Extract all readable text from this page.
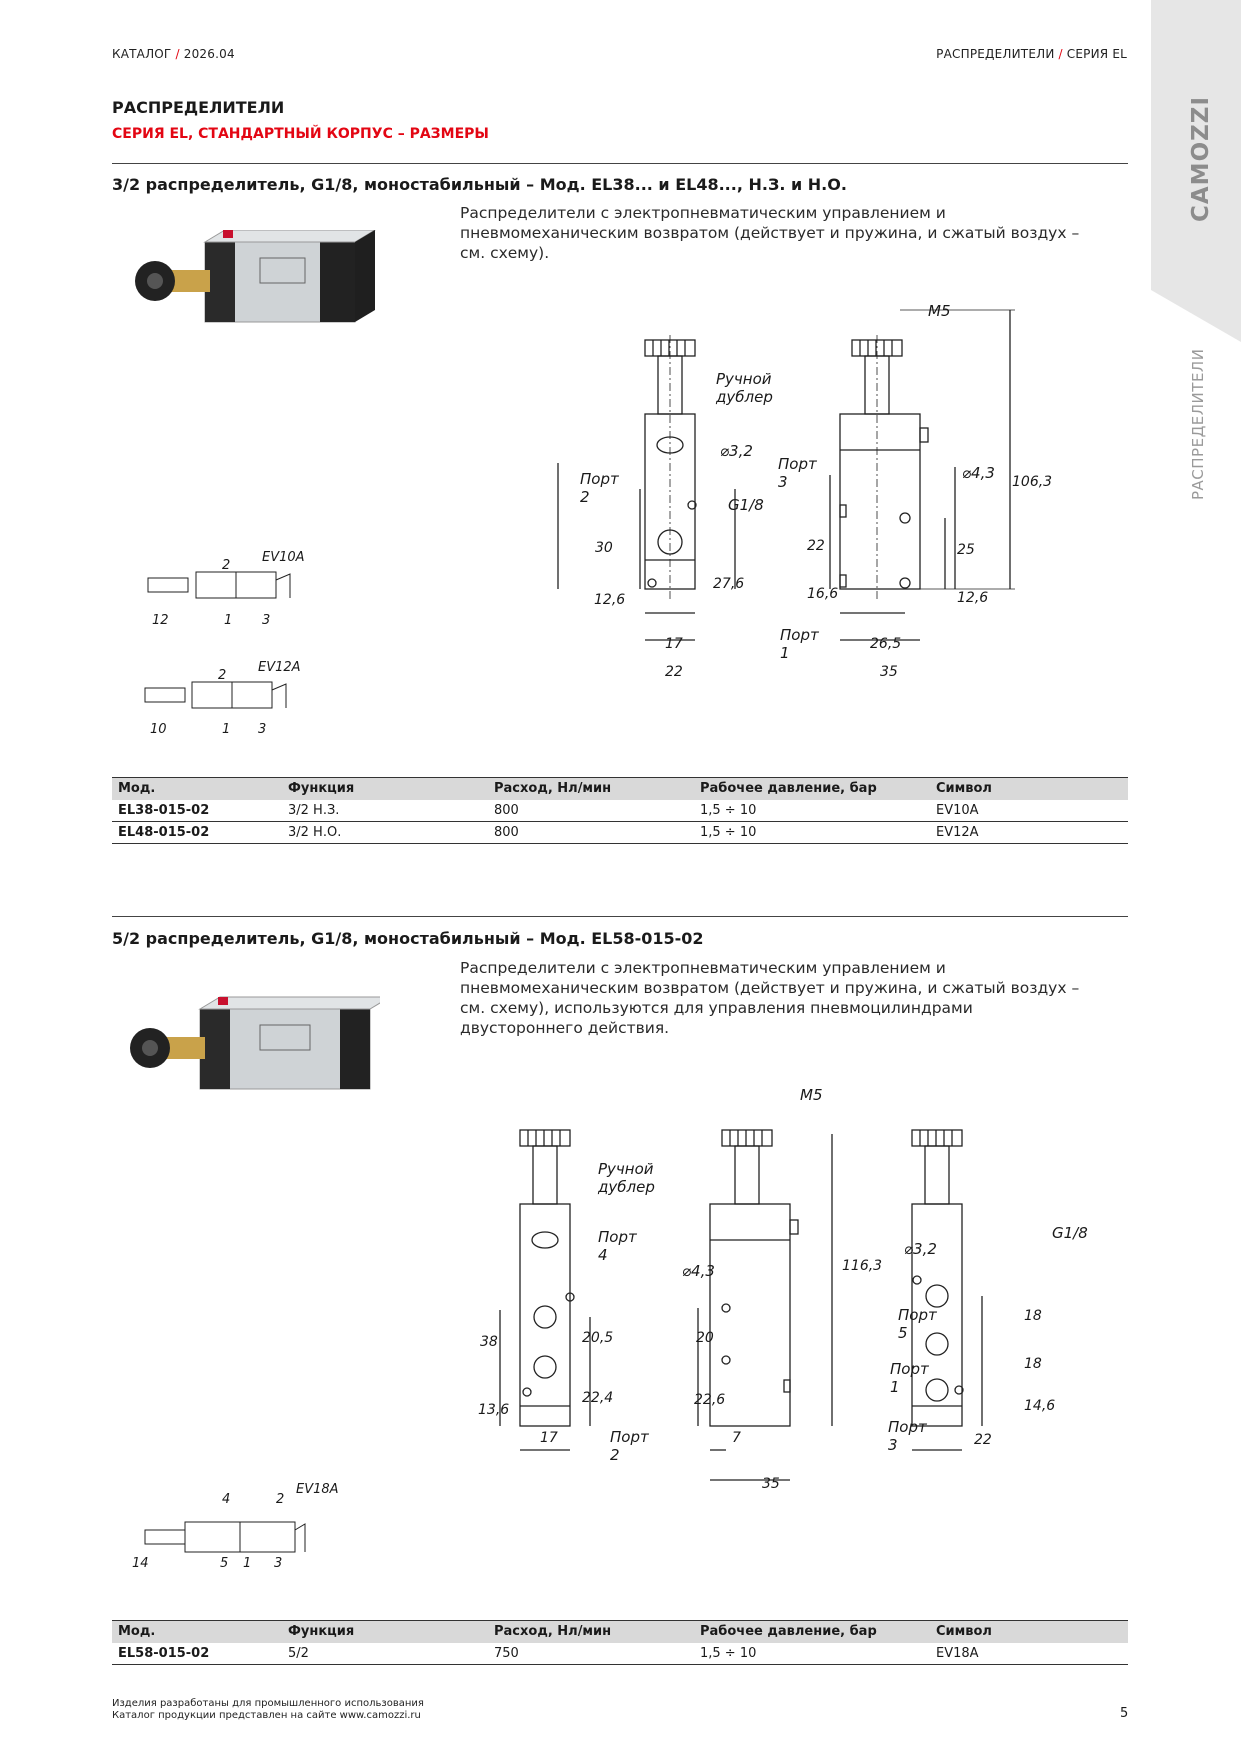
КАТАЛОГ / 2026.04	РАСПРЕДЕЛИТЕЛИ / СЕРИЯ EL
CAMOZZI
РАСПРЕДЕЛИТЕЛИ
РАСПРЕДЕЛИТЕЛИ
СЕРИЯ EL, СТАНДАРТНЫЙ КОРПУС – РАЗМЕРЫ
3/2 распределитель, G1/8, моностабильный – Мод. EL38... и EL48..., Н.З. и Н.О.
Распределители с электропневматическим управлением и пневмомеханическим возвратом (действует и пружина, и сжатый воздух – см. схему).
Ручной дублер
⌀3,2
G1/8
Порт 2
Порт 3
Порт 1
M5
⌀4,3
30
12,6
27,6
17
22
22
16,6
25
12,6
26,5
35
106,3
EV10A
2
12	1 3
EV12A
2
10	1 3
Мод.	Функция	Расход, Нл/мин	Рабочее давление, бар	Символ
EL38-015-02	3/2 Н.З.	800	1,5 ÷ 10	EV10A
EL48-015-02	3/2 Н.О.	800	1,5 ÷ 10	EV12A
5/2 распределитель, G1/8, моностабильный – Мод. EL58-015-02
Распределители с электропневматическим управлением и пневмомеханическим возвратом (действует и пружина, и сжатый воздух – см. схему), используются для управления пневмоцилиндрами двустороннего действия.
Ручной дублер
Порт 4
Порт 2
M5
⌀4,3
⌀3,2
G1/8
Порт 5
Порт 1
Порт 3
38
13,6
20,5
22,4
17
20
22,6
7
35
116,3
18
18
14,6
22
EV18A
4	2
14	5 1 3
Мод.	Функция	Расход, Нл/мин	Рабочее давление, бар	Символ
EL58-015-02	5/2	750	1,5 ÷ 10	EV18A
Изделия разработаны для промышленного использования
Каталог продукции представлен на сайте www.camozzi.ru	5
